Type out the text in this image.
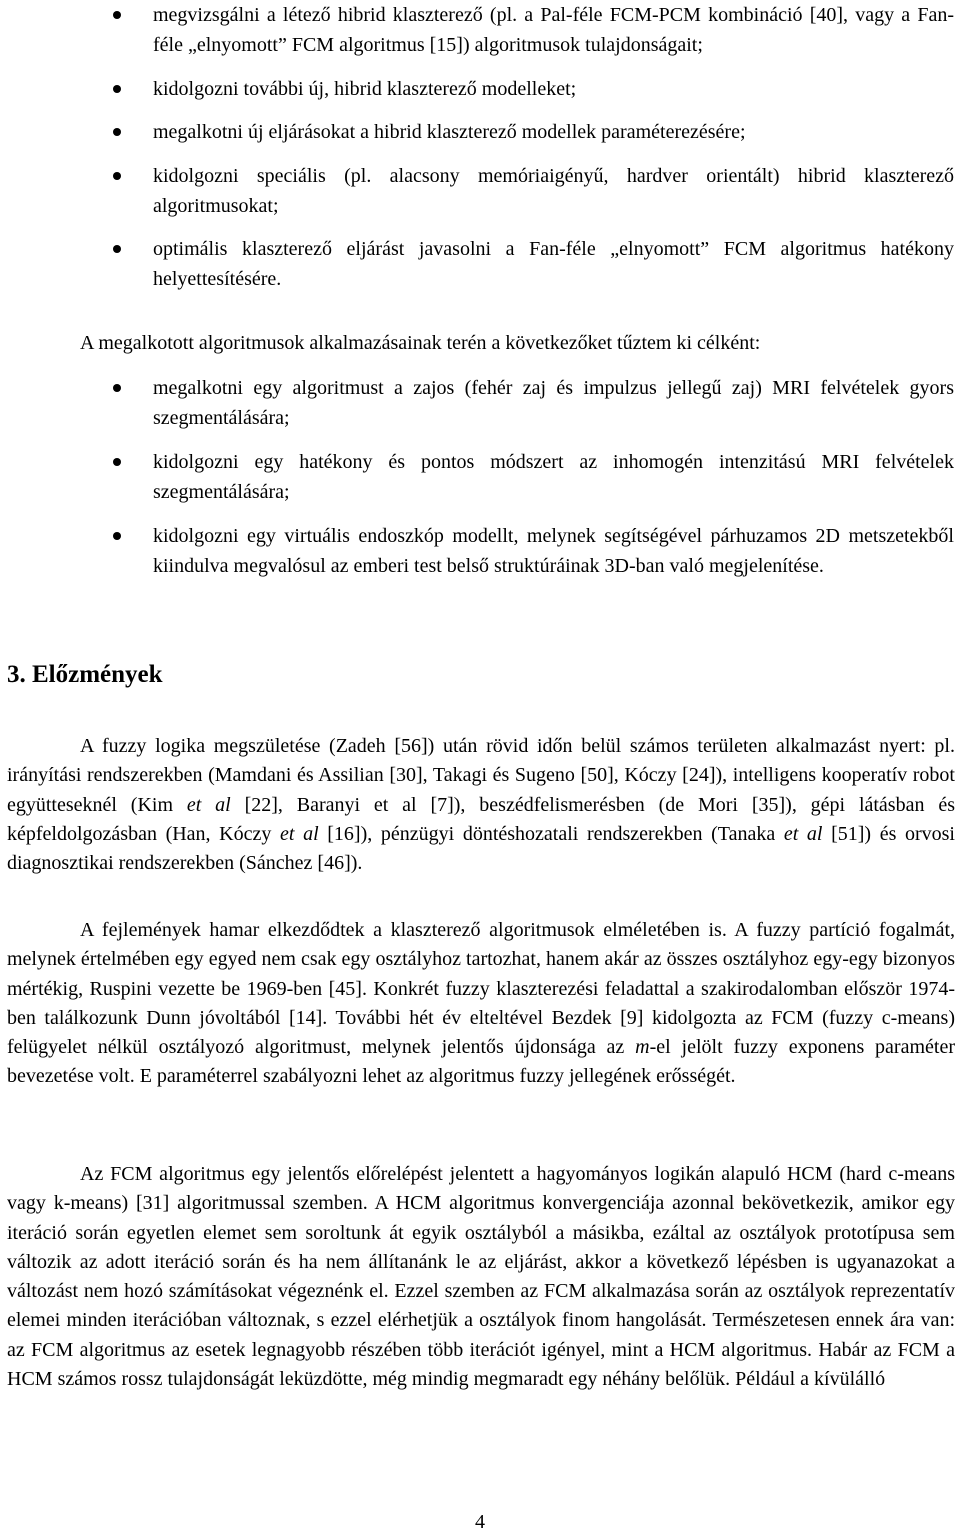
megvizsgálni a létező hibrid klaszterező (pl. a Pal-féle FCM-PCM kombináció [40], vagy a Fan-féle „elnyomott” FCM algoritmus [15]) algoritmusok tulajdonságait;
kidolgozni további új, hibrid klaszterező modelleket;
megalkotni új eljárásokat a hibrid klaszterező modellek paraméterezésére;
kidolgozni speciális (pl. alacsony memóriaigényű, hardver orientált) hibrid klaszterező algoritmusokat;
optimális klaszterező eljárást javasolni a Fan-féle „elnyomott” FCM algoritmus hatékony helyettesítésére.

A megalkotott algoritmusok alkalmazásainak terén a következőket tűztem ki célként:

megalkotni egy algoritmust a zajos (fehér zaj és impulzus jellegű zaj) MRI felvételek gyors szegmentálására;
kidolgozni egy hatékony és pontos módszert az inhomogén intenzitású MRI felvételek szegmentálására;
kidolgozni egy virtuális endoszkóp modellt, melynek segítségével párhuzamos 2D metszetekből kiindulva megvalósul az emberi test belső struktúráinak 3D-ban való megjelenítése.
3. Előzmények

A fuzzy logika megszületése (Zadeh [56]) után rövid időn belül számos területen alkalmazást nyert: pl. irányítási rendszerekben (Mamdani és Assilian [30], Takagi és Sugeno [50], Kóczy [24]), intelligens kooperatív robot együtteseknél (Kim et al [22], Baranyi et al [7]), beszédfelismerésben (de Mori [35]), gépi látásban és képfeldolgozásban (Han, Kóczy et al [16]), pénzügyi döntéshozatali rendszerekben (Tanaka et al [51]) és orvosi diagnosztikai rendszerekben (Sánchez [46]).

A fejlemények hamar elkezdődtek a klaszterező algoritmusok elméletében is. A fuzzy partíció fogalmát, melynek értelmében egy egyed nem csak egy osztályhoz tartozhat, hanem akár az összes osztályhoz egy-egy bizonyos mértékig, Ruspini vezette be 1969-ben [45]. Konkrét fuzzy klaszterezési feladattal a szakirodalomban először 1974-ben találkozunk Dunn jóvoltából [14]. További hét év elteltével Bezdek [9] kidolgozta az FCM (fuzzy c-means) felügyelet nélkül osztályozó algoritmust, melynek jelentős újdonsága az m-el jelölt fuzzy exponens paraméter bevezetése volt. E paraméterrel szabályozni lehet az algoritmus fuzzy jellegének erősségét.

Az FCM algoritmus egy jelentős előrelépést jelentett a hagyományos logikán alapuló HCM (hard c-means vagy k-means) [31] algoritmussal szemben. A HCM algoritmus konvergenciája azonnal bekövetkezik, amikor egy iteráció során egyetlen elemet sem soroltunk át egyik osztályból a másikba, ezáltal az osztályok prototípusa sem változik az adott iteráció során és ha nem állítanánk le az eljárást, akkor a következő lépésben is ugyanazokat a változást nem hozó számításokat végeznénk el. Ezzel szemben az FCM alkalmazása során az osztályok reprezentatív elemei minden iterációban változnak, s ezzel elérhetjük a osztályok finom hangolását. Természetesen ennek ára van: az FCM algoritmus az esetek legnagyobb részében több iterációt igényel, mint a HCM algoritmus. Habár az FCM a HCM számos rossz tulajdonságát leküzdötte, még mindig megmaradt egy néhány belőlük. Például a kívülálló

4
